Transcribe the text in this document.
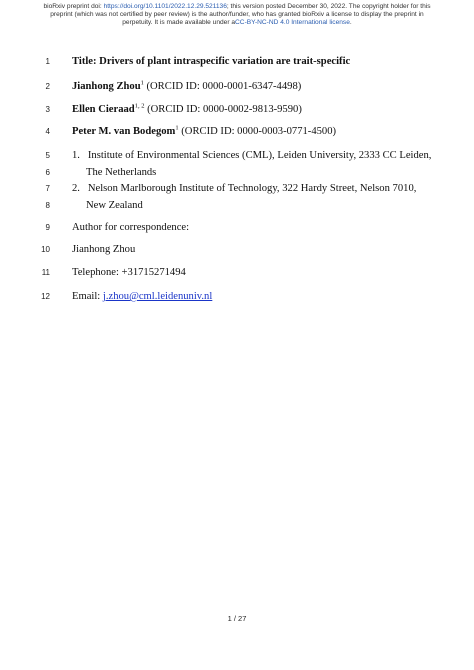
bioRxiv preprint doi: https://doi.org/10.1101/2022.12.29.521136; this version posted December 30, 2022. The copyright holder for this
preprint (which was not certified by peer review) is the author/funder, who has granted bioRxiv a license to display the preprint in
perpetuity. It is made available under aCC-BY-NC-ND 4.0 International license.
1 Title: Drivers of plant intraspecific variation are trait-specific
2 Jianhong Zhou$^1$ (ORCID ID: 0000-0001-6347-4498)
3 Ellen Cieraad$^{1, 2}$ (ORCID ID: 0000-0002-9813-9590)
4 Peter M. van Bodegom$^1$ (ORCID ID: 0000-0003-0771-4500)
5 1.  Institute of Environmental Sciences (CML), Leiden University, 2333 CC Leiden,
6	The Netherlands
7 2.  Nelson Marlborough Institute of Technology, 322 Hardy Street, Nelson 7010,
8	New Zealand
9 Author for correspondence:
10 Jianhong Zhou
11 Telephone: +31715271494
12 Email: j.zhou@cml.leidenuniv.nl
1 / 27
